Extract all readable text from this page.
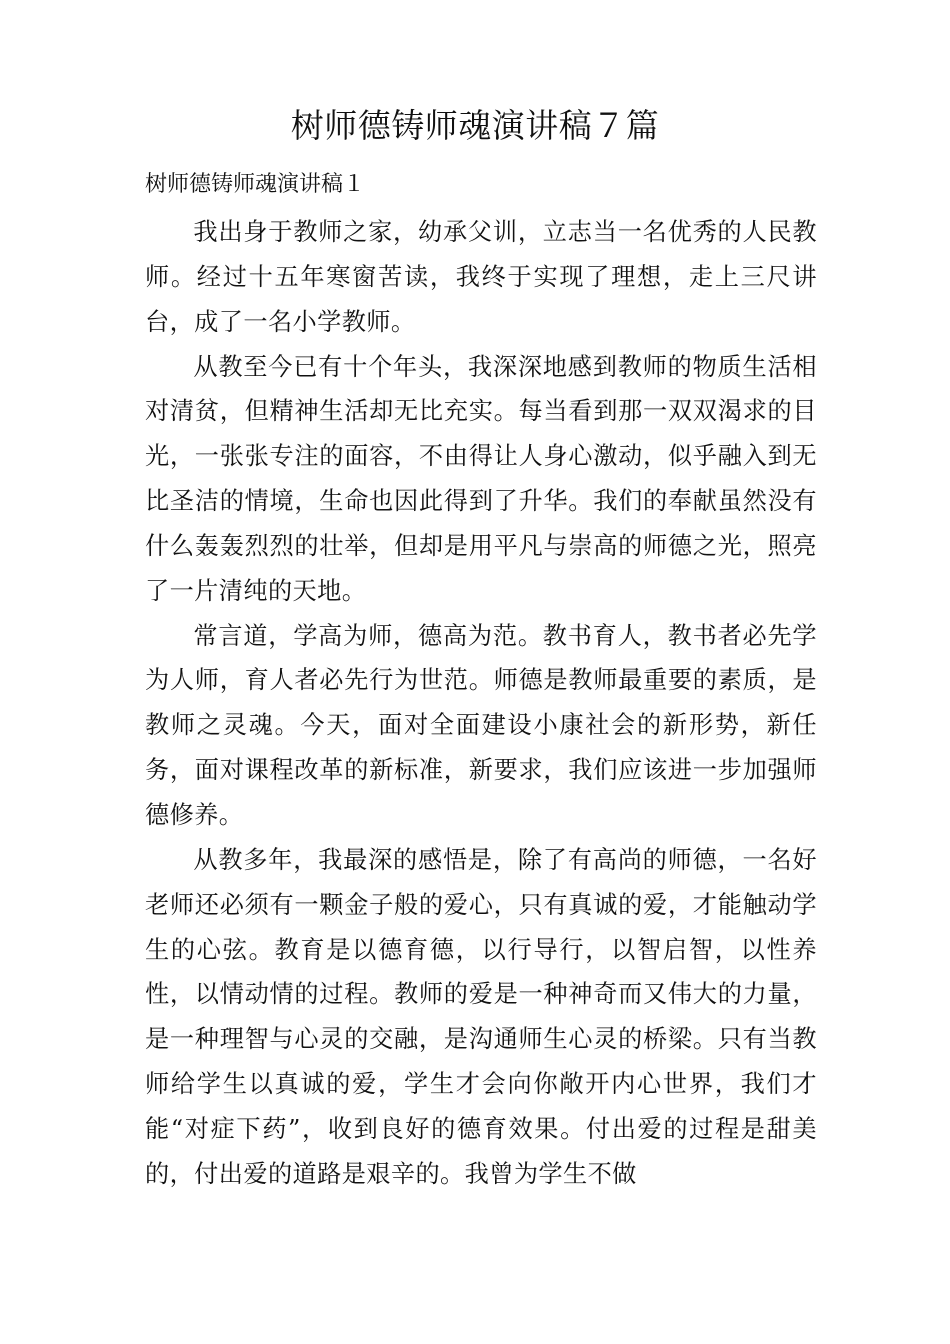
树师德铸师魂演讲稿７篇

树师德铸师魂演讲稿１

我出身于教师之家，幼承父训，立志当一名优秀的人民教师。经过十五年寒窗苦读，我终于实现了理想，走上三尺讲台，成了一名小学教师。

从教至今已有十个年头，我深深地感到教师的物质生活相对清贫，但精神生活却无比充实。每当看到那一双双渴求的目光，一张张专注的面容，不由得让人身心激动，似乎融入到无比圣洁的情境，生命也因此得到了升华。我们的奉献虽然没有什么轰轰烈烈的壮举，但却是用平凡与崇高的师德之光，照亮了一片清纯的天地。

常言道，学高为师，德高为范。教书育人，教书者必先学为人师，育人者必先行为世范。师德是教师最重要的素质，是教师之灵魂。今天，面对全面建设小康社会的新形势，新任务，面对课程改革的新标准，新要求，我们应该进一步加强师德修养。

从教多年，我最深的感悟是，除了有高尚的师德，一名好老师还必须有一颗金子般的爱心，只有真诚的爱，才能触动学生的心弦。教育是以德育德，以行导行，以智启智，以性养性，以情动情的过程。教师的爱是一种神奇而又伟大的力量，是一种理智与心灵的交融，是沟通师生心灵的桥梁。只有当教师给学生以真诚的爱，学生才会向你敞开内心世界，我们才能“对症下药”，收到良好的德育效果。付出爱的过程是甜美的，付出爱的道路是艰辛的。我曾为学生不做
